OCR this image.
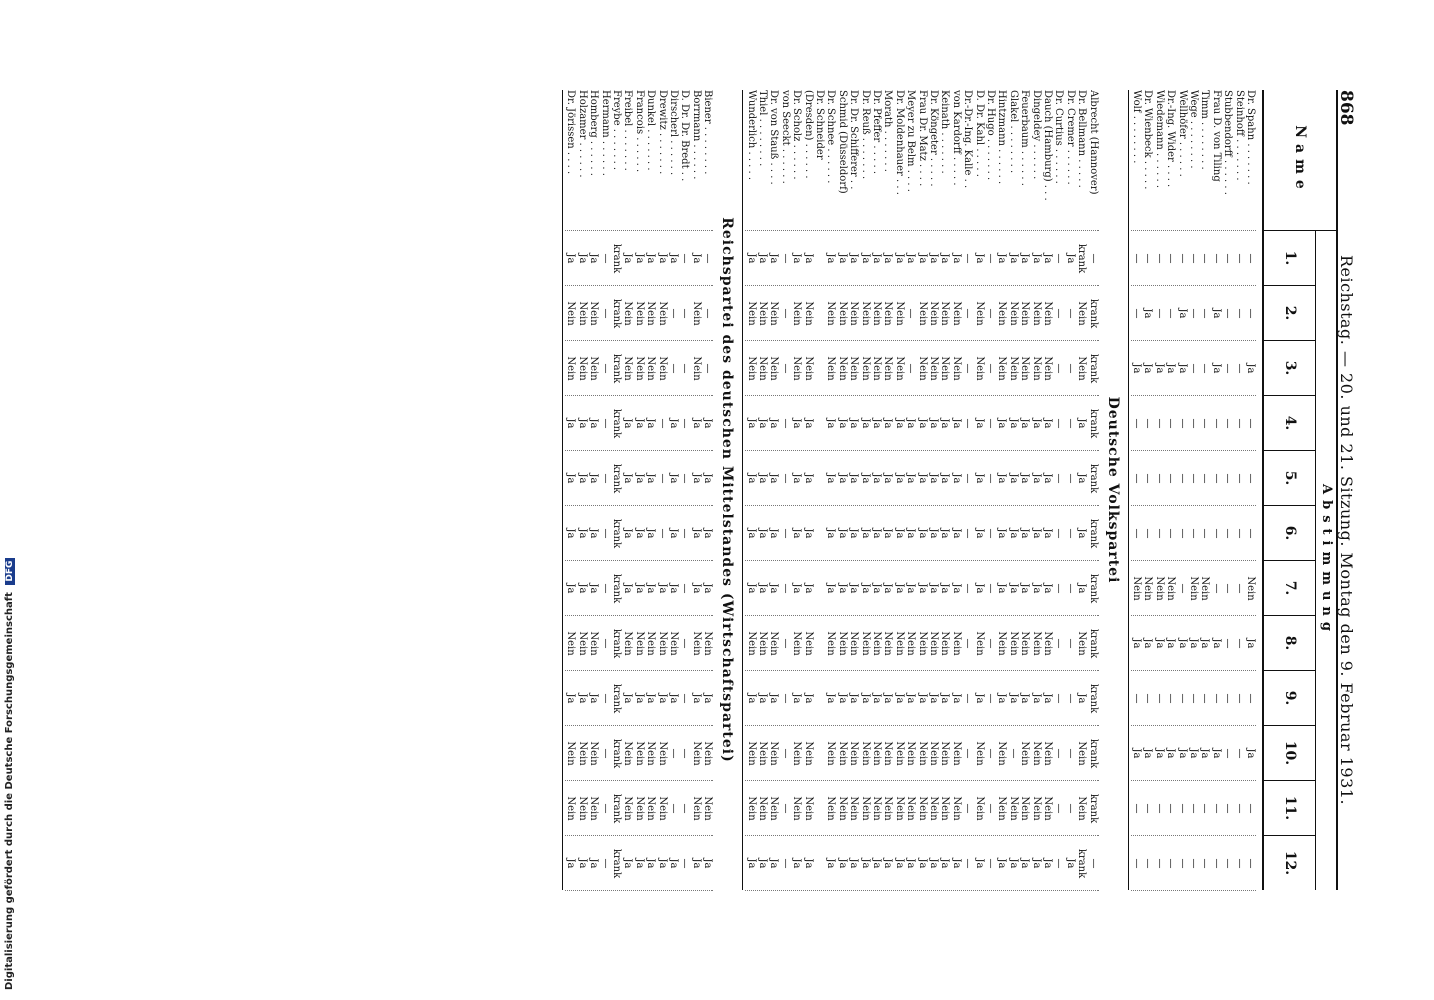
868
Reichstag. — 20. und 21. Sitzung. Montag den 9. Februar 1931.
Name
Abstimmung
1.
2.
3.
4.
5.
6.
7.
8.
9.
10.
11.
12.
Dr. Spahn . . . . . . .
—
—
Ja
—
—
—
Nein
Ja
—
Ja
—
—
Steinhoff . . . . . . .
—
—
—
—
—
—
—
—
—
—
—
—
Stubbendorff . . . . . .
—
—
—
—
—
—
—
—
—
—
—
—
Frau D. von Tiling
—
Ja
Ja
—
—
—
—
Ja
—
Ja
—
—
Timm . . . . . . . .
—
—
—
—
—
—
Nein
Ja
—
Ja
—
—
Wege . . . . . . . .
—
—
—
—
—
—
Nein
Ja
—
Ja
—
—
Wellhöfer . . . . . .
—
Ja
Ja
—
—
—
—
Ja
—
Ja
—
—
Dr.-Ing. Wider . . . .
—
—
Ja
—
—
—
Nein
Ja
—
Ja
—
—
Wiedemann . . . . . .
—
—
Ja
—
—
—
Nein
Ja
—
Ja
—
—
Dr. Wienbeck . . . . .
—
Ja
Ja
—
—
—
Nein
Ja
—
Ja
—
—
Wolf . . . . . . . .
—
—
Ja
—
—
—
Nein
Ja
—
Ja
—
—
Deutsche Volkspartei
Albrecht (Hannover)
—
krank
krank
krank
krank
krank
krank
krank
krank
krank
krank
—
Dr. Bellmann . . . . .
krank
Nein
Nein
Ja
Ja
Ja
Ja
Nein
Ja
Nein
Nein
krank
Dr. Cremer . . . . . .
Ja
—
—
—
—
—
—
—
—
—
—
Ja
Dr. Curtius . . . . . .
—
—
—
—
—
—
—
—
—
—
—
—
Dauch (Hamburg) . . .
Ja
Nein
Nein
Ja
Ja
Ja
Ja
Nein
Ja
Nein
Nein
Ja
Dingeldey . . . . . .
Ja
Nein
Nein
Ja
Ja
Ja
Ja
Nein
Ja
Nein
Nein
Ja
Feuerbaum . . . . . .
Ja
Nein
Nein
Ja
Ja
Ja
Ja
Nein
Ja
Nein
Nein
Ja
Glakel . . . . . . . .
Ja
Nein
Nein
Ja
Ja
Ja
Ja
Nein
Ja
—
Nein
Ja
Hintzmann . . . . . .
Ja
Nein
Nein
Ja
Ja
Ja
Ja
Nein
Ja
Nein
Nein
Ja
Dr. Hugo . . . . . . .
—
—
—
—
—
—
—
—
—
—
—
—
D. Dr. Kahl . . . . .
Ja
Nein
Nein
Ja
Ja
Ja
Ja
Nein
Ja
Nein
Nein
Ja
Dr.-Dr.-Ing. Kalle . .
—
—
—
—
—
—
—
—
—
—
—
—
von Kardorff . . . . .
Ja
Nein
Nein
Ja
Ja
Ja
Ja
Nein
Ja
Nein
Nein
Ja
Keinath . . . . . . .
Ja
Nein
Nein
Ja
Ja
Ja
Ja
Nein
Ja
Nein
Nein
Ja
Dr. Köngeter . . . . .
Ja
Nein
Nein
Ja
Ja
Ja
Ja
Nein
Ja
Nein
Nein
Ja
Frau Dr. Matz . . . .
Ja
Nein
Nein
Ja
Ja
Ja
Ja
Nein
Ja
Nein
Nein
Ja
Meyer zu Belm . . . .
Ja
—
—
Ja
Ja
Ja
Ja
Nein
Ja
Nein
Nein
Ja
Dr. Moldenhauer . . .
Ja
Nein
Nein
Ja
Ja
Ja
Ja
Nein
Ja
Nein
Nein
Ja
Morath . . . . . . .
Ja
Nein
Nein
Ja
Ja
Ja
Ja
Nein
Ja
Nein
Nein
Ja
Dr. Pfeffer . . . . .
Ja
Nein
Nein
Ja
Ja
Ja
Ja
Nein
Ja
Nein
Nein
Ja
Dr. Reuß . . . . . . .
Ja
Nein
Nein
Ja
Ja
Ja
Ja
Nein
Ja
Nein
Nein
Ja
Dr. Dr. Schifferer . .
Ja
Nein
Nein
Ja
Ja
Ja
Ja
Nein
Ja
Nein
Nein
Ja
Schmid (Düsseldorf)
Ja
Nein
Nein
Ja
Ja
Ja
Ja
Nein
Ja
Nein
Nein
Ja
Dr. Schnee . . . . . .
Ja
Nein
Nein
Ja
Ja
Ja
Ja
Nein
Ja
Nein
Nein
Ja
Dr. Schneider
(Dresden) . . . . . .
Ja
Nein
Nein
Ja
Ja
Ja
Ja
Nein
Ja
Nein
Nein
Ja
Dr. Scholz . . . . . .
Ja
Nein
Nein
Ja
Ja
Ja
Ja
Nein
Ja
Nein
Nein
Ja
von Seeckt . . . . . .
—
—
—
—
—
—
—
—
—
—
—
—
Dr. von Stauß . . . .
Ja
Nein
Nein
Ja
Ja
Ja
Ja
Nein
Ja
Nein
Nein
Ja
Thiel . . . . . . . .
Ja
Nein
Nein
Ja
Ja
Ja
Ja
Nein
Ja
Nein
Nein
Ja
Wunderlich . . . . .
Ja
Nein
Nein
Ja
Ja
Ja
Ja
Nein
Ja
Nein
Nein
Ja
Reichspartei des deutschen Mittelstandes (Wirtschaftspartei)
Biener . . . . . . . .
—
—
—
Ja
Ja
Ja
Ja
Nein
Ja
Nein
Nein
Ja
Borrmann . . . . . .
Ja
Nein
Nein
Ja
Ja
Ja
Ja
Nein
Ja
Nein
Nein
Ja
D. Dr. Dr. Bredt . .
—
—
—
—
—
—
—
—
—
—
—
—
Dirscherl . . . . . .
Ja
—
—
Ja
Ja
Ja
Ja
Nein
Ja
—
—
Ja
Drewitz . . . . . . .
Ja
Nein
Nein
—
—
—
Ja
Nein
Ja
Nein
Nein
Ja
Dunkel . . . . . . .
Ja
Nein
Nein
Ja
Ja
Ja
Ja
Nein
Ja
Nein
Nein
Ja
Francois . . . . . .
Ja
Nein
Nein
Ja
Ja
Ja
Ja
Nein
Ja
Nein
Nein
Ja
Freibel . . . . . . .
Ja
Nein
Nein
Ja
Ja
Ja
Ja
Nein
Ja
Nein
Nein
Ja
Freybe . . . . . . .
krank
krank
krank
krank
krank
krank
krank
krank
krank
krank
krank
krank
Hermann . . . . . .
—
—
—
—
—
—
—
—
—
—
—
—
Homberg . . . . . .
Ja
Nein
Nein
Ja
Ja
Ja
Ja
Nein
Ja
Nein
Nein
Ja
Holzamer . . . . . .
Ja
Nein
Nein
Ja
Ja
Ja
Ja
Nein
Ja
Nein
Nein
Ja
Dr. Jörissen . . . .
Ja
Nein
Nein
Ja
Ja
Ja
Ja
Nein
Ja
Nein
Nein
Ja
Digitalisierung gefördert durch die Deutsche Forschungsgemeinschaft DFG
